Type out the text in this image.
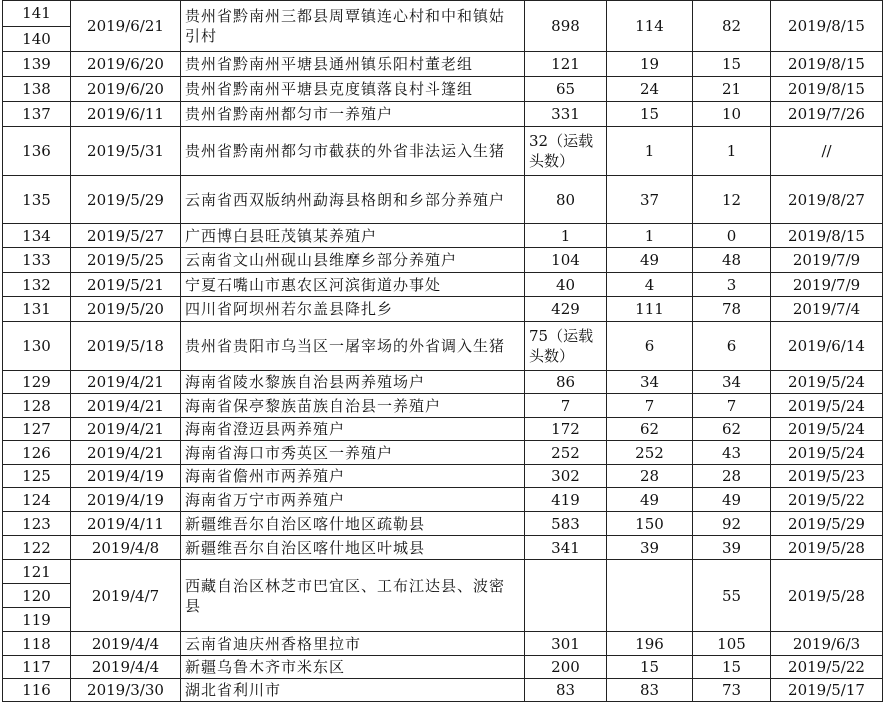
141
140	2019/6/21	贵州省黔南州三都县周覃镇连心村和中和镇姑引村	898	114	82	2019/8/15

139	2019/6/20	贵州省黔南州平塘县通州镇乐阳村董老组	121	19	15	2019/8/15

138	2019/6/20	贵州省黔南州平塘县克度镇落良村斗篷组	65	24	21	2019/8/15

137	2019/6/11	贵州省黔南州都匀市一养殖户	331	15	10	2019/7/26

136	2019/5/31	贵州省黔南州都匀市截获的外省非法运入生猪	32（运载头数）	1	1	//

135	2019/5/29	云南省西双版纳州勐海县格朗和乡部分养殖户	80	37	12	2019/8/27

134	2019/5/27	广西博白县旺茂镇某养殖户	1	1	0	2019/8/15

133	2019/5/25	云南省文山州砚山县维摩乡部分养殖户	104	49	48	2019/7/9

132	2019/5/21	宁夏石嘴山市惠农区河滨街道办事处	40	4	3	2019/7/9

131	2019/5/20	四川省阿坝州若尔盖县降扎乡	429	111	78	2019/7/4

130	2019/5/18	贵州省贵阳市乌当区一屠宰场的外省调入生猪	75（运载头数）	6	6	2019/6/14

129	2019/4/21	海南省陵水黎族自治县两养殖场户	86	34	34	2019/5/24

128	2019/4/21	海南省保亭黎族苗族自治县一养殖户	7	7	7	2019/5/24

127	2019/4/21	海南省澄迈县两养殖户	172	62	62	2019/5/24

126	2019/4/21	海南省海口市秀英区一养殖户	252	252	43	2019/5/24

125	2019/4/19	海南省儋州市两养殖户	302	28	28	2019/5/23

124	2019/4/19	海南省万宁市两养殖户	419	49	49	2019/5/22

123	2019/4/11	新疆维吾尔自治区喀什地区疏勒县	583	150	92	2019/5/29

122	2019/4/8	新疆维吾尔自治区喀什地区叶城县	341	39	39	2019/5/28

121
120
119	2019/4/7	西藏自治区林芝市巴宜区、工布江达县、波密县			55	2019/5/28

118	2019/4/4	云南省迪庆州香格里拉市	301	196	105	2019/6/3

117	2019/4/4	新疆乌鲁木齐市米东区	200	15	15	2019/5/22

116	2019/3/30	湖北省利川市	83	83	73	2019/5/17
